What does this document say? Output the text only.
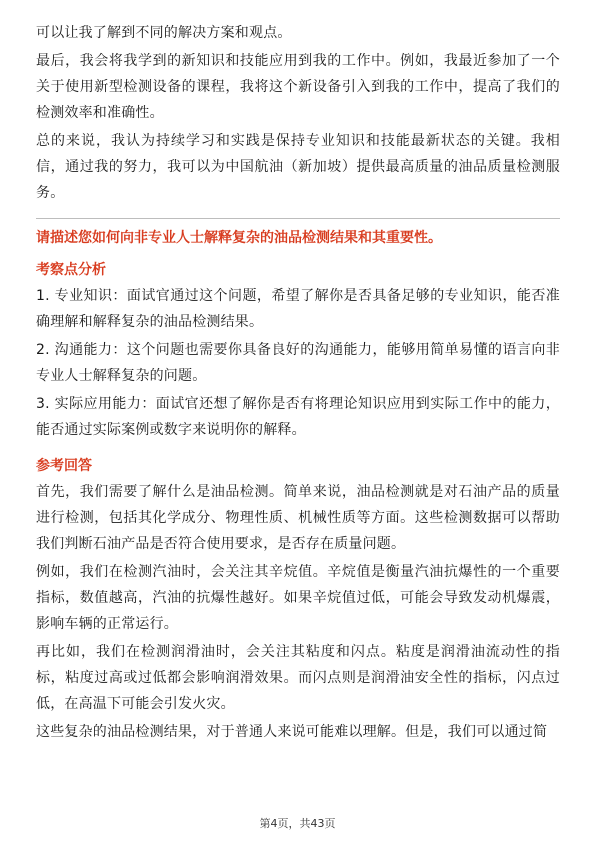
可以让我了解到不同的解决方案和观点。

最后，我会将我学到的新知识和技能应用到我的工作中。例如，我最近参加了一个关于使用新型检测设备的课程，我将这个新设备引入到我的工作中，提高了我们的检测效率和准确性。

总的来说，我认为持续学习和实践是保持专业知识和技能最新状态的关键。我相信，通过我的努力，我可以为中国航油（新加坡）提供最高质量的油品质量检测服务。

请描述您如何向非专业人士解释复杂的油品检测结果和其重要性。
考察点分析

1. 专业知识：面试官通过这个问题，希望了解你是否具备足够的专业知识，能否准确理解和解释复杂的油品检测结果。

2. 沟通能力：这个问题也需要你具备良好的沟通能力，能够用简单易懂的语言向非专业人士解释复杂的问题。

3. 实际应用能力：面试官还想了解你是否有将理论知识应用到实际工作中的能力，能否通过实际案例或数字来说明你的解释。

参考回答

首先，我们需要了解什么是油品检测。简单来说，油品检测就是对石油产品的质量进行检测，包括其化学成分、物理性质、机械性质等方面。这些检测数据可以帮助我们判断石油产品是否符合使用要求，是否存在质量问题。

例如，我们在检测汽油时，会关注其辛烷值。辛烷值是衡量汽油抗爆性的一个重要指标，数值越高，汽油的抗爆性越好。如果辛烷值过低，可能会导致发动机爆震，影响车辆的正常运行。

再比如，我们在检测润滑油时，会关注其粘度和闪点。粘度是润滑油流动性的指标，粘度过高或过低都会影响润滑效果。而闪点则是润滑油安全性的指标，闪点过低，在高温下可能会引发火灾。

这些复杂的油品检测结果，对于普通人来说可能难以理解。但是，我们可以通过简

第4页，共43页
